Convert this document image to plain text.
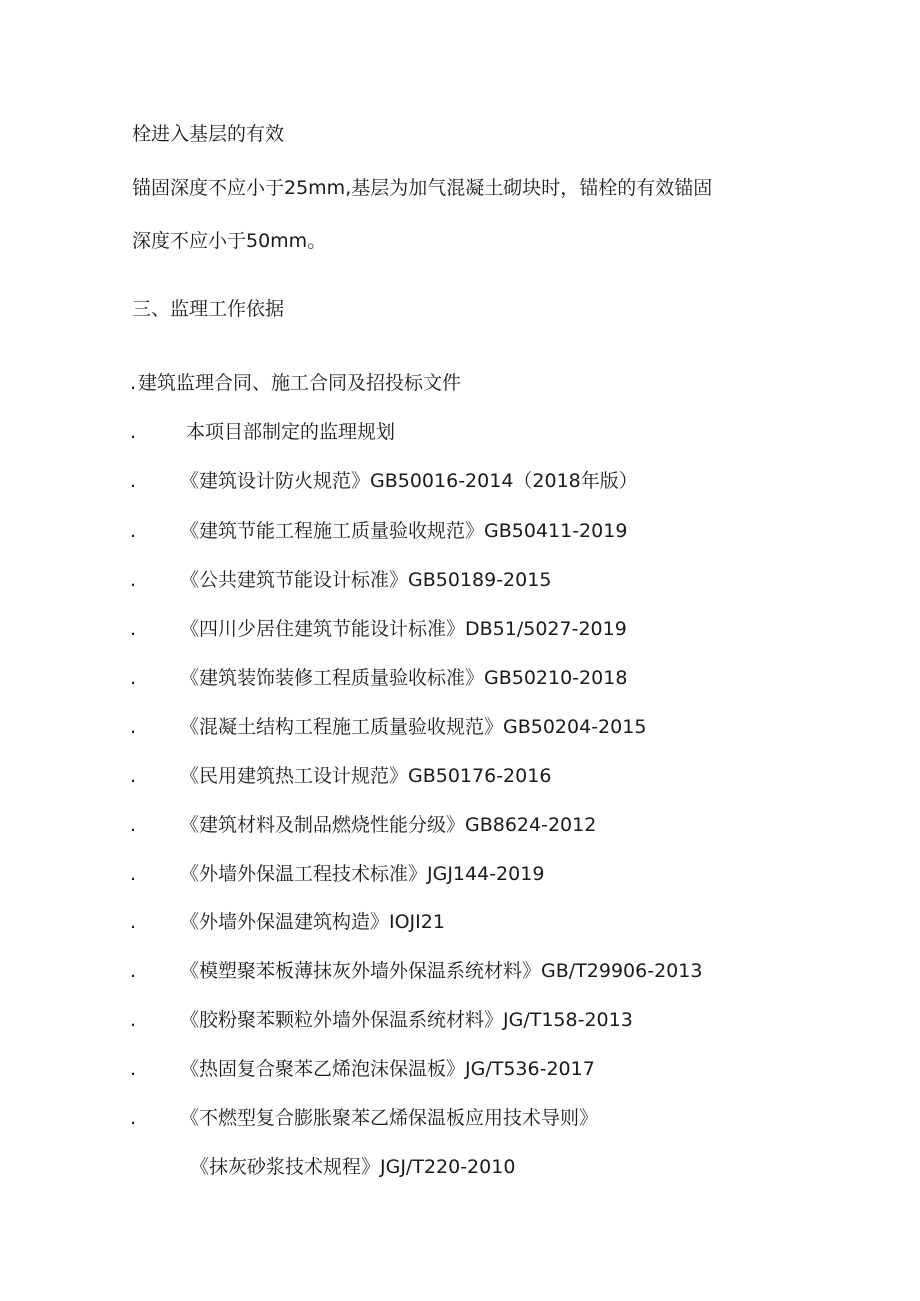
栓进入基层的有效
锚固深度不应小于25mm,基层为加气混凝土砌块时，锚栓的有效锚固
深度不应小于50mm。
三、监理工作依据
. 建筑监理合同、施工合同及招投标文件
.	本项目部制定的监理规划
. 《建筑设计防火规范》GB50016-2014（2018年版）
. 《建筑节能工程施工质量验收规范》GB50411-2019
. 《公共建筑节能设计标准》GB50189-2015
. 《四川少居住建筑节能设计标准》DB51/5027-2019
. 《建筑装饰装修工程质量验收标准》GB50210-2018
. 《混凝土结构工程施工质量验收规范》GB50204-2015
. 《民用建筑热工设计规范》GB50176-2016
. 《建筑材料及制品燃烧性能分级》GB8624-2012
. 《外墙外保温工程技术标准》JGJ144-2019
. 《外墙外保温建筑构造》IOJI21
. 《模塑聚苯板薄抹灰外墙外保温系统材料》GB/T29906-2013
. 《胶粉聚苯颗粒外墙外保温系统材料》JG/T158-2013
. 《热固复合聚苯乙烯泡沫保温板》JG/T536-2017
. 《不燃型复合膨胀聚苯乙烯保温板应用技术导则》
《抹灰砂浆技术规程》JGJ/T220-2010
